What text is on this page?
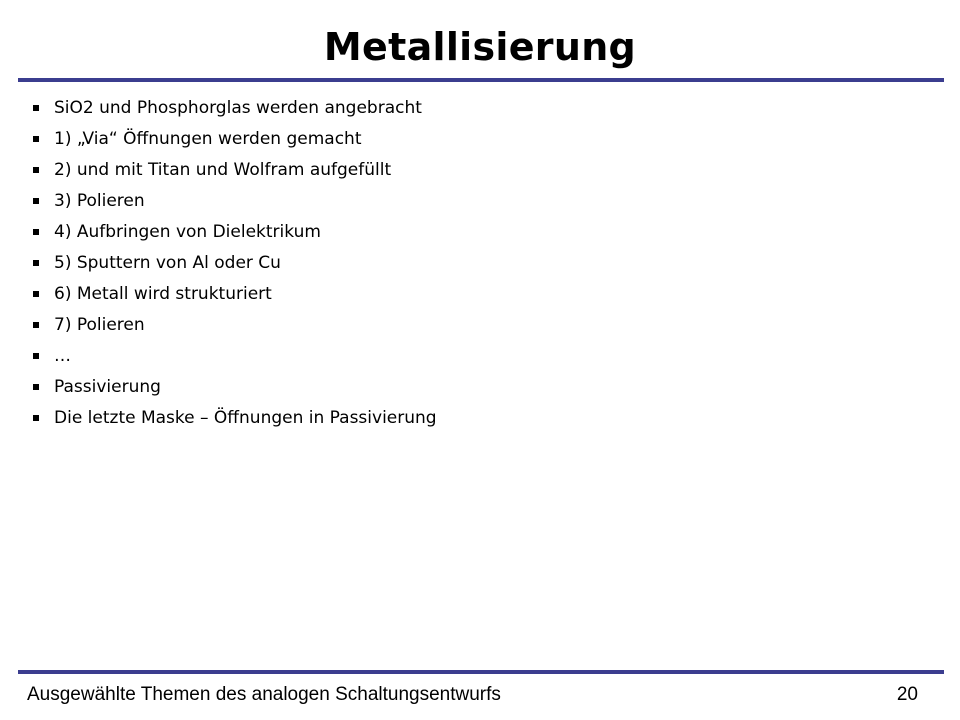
Metallisierung
SiO2 und Phosphorglas werden angebracht
1) „Via“ Öffnungen werden gemacht
2) und mit Titan und Wolfram aufgefüllt
3) Polieren
4) Aufbringen von Dielektrikum
5) Sputtern von Al oder Cu
6) Metall wird strukturiert
7) Polieren
…
Passivierung
Die letzte Maske – Öffnungen in Passivierung
Ausgewählte Themen des analogen Schaltungsentwurfs	20
